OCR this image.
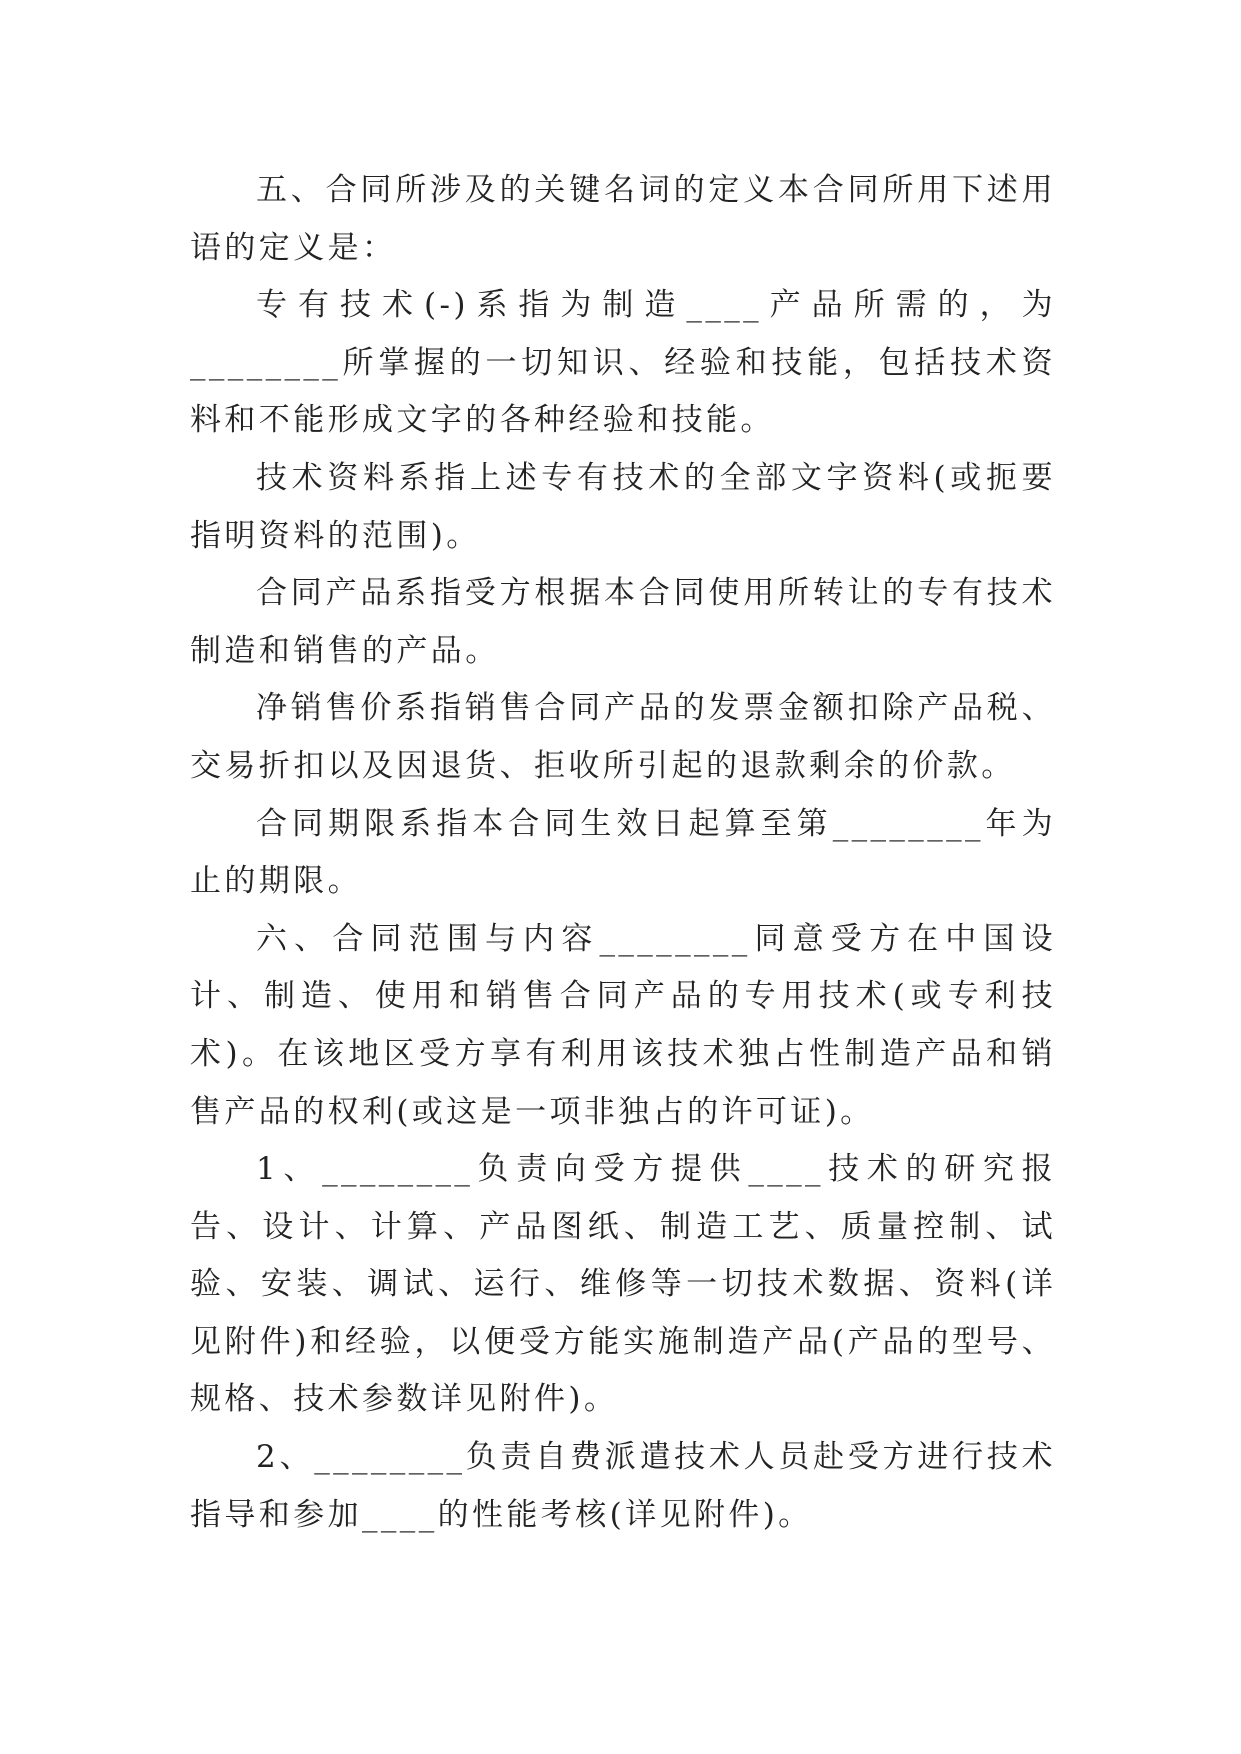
五、合同所涉及的关键名词的定义本合同所用下述用语的定义是：

专有技术(-)系指为制造____产品所需的，为________所掌握的一切知识、经验和技能，包括技术资料和不能形成文字的各种经验和技能。

技术资料系指上述专有技术的全部文字资料(或扼要指明资料的范围)。

合同产品系指受方根据本合同使用所转让的专有技术制造和销售的产品。

净销售价系指销售合同产品的发票金额扣除产品税、交易折扣以及因退货、拒收所引起的退款剩余的价款。

合同期限系指本合同生效日起算至第________年为止的期限。

六、合同范围与内容________同意受方在中国设计、制造、使用和销售合同产品的专用技术(或专利技术)。在该地区受方享有利用该技术独占性制造产品和销售产品的权利(或这是一项非独占的许可证)。

1、________负责向受方提供____技术的研究报告、设计、计算、产品图纸、制造工艺、质量控制、试验、安装、调试、运行、维修等一切技术数据、资料(详见附件)和经验，以便受方能实施制造产品(产品的型号、规格、技术参数详见附件)。

2、________负责自费派遣技术人员赴受方进行技术指导和参加____的性能考核(详见附件)。
